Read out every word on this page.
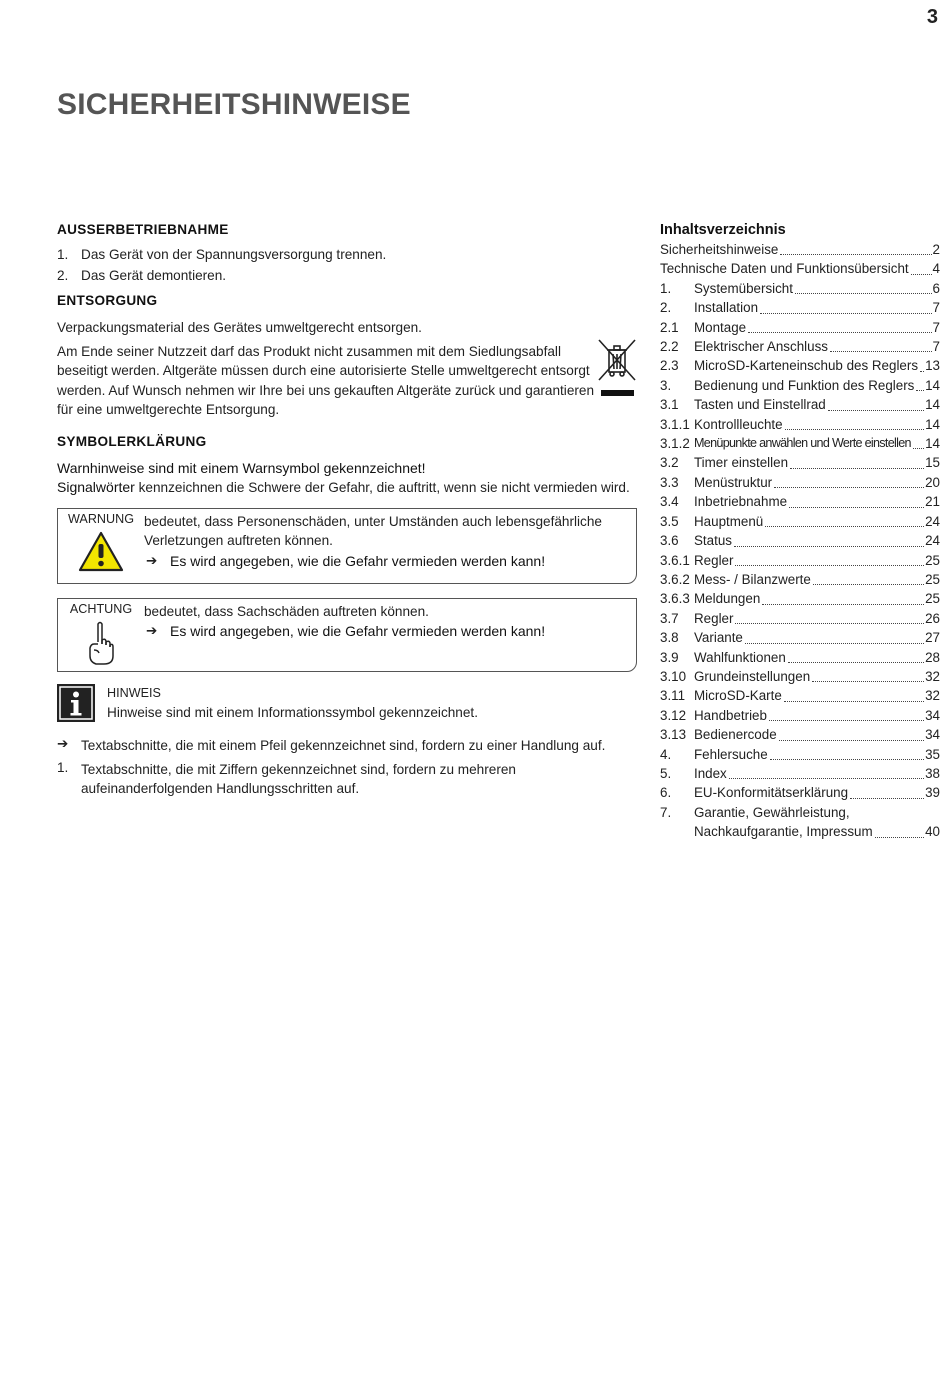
3
SICHERHEITSHINWEISE
AUSSERBETRIEBNAHME
1. Das Gerät von der Spannungsversorgung trennen.
2. Das Gerät demontieren.
ENTSORGUNG

Verpackungsmaterial des Gerätes umweltgerecht entsorgen.

Am Ende seiner Nutzzeit darf das Produkt nicht zusammen mit dem Siedlungsabfall beseitigt werden. Altgeräte müssen durch eine autorisierte Stelle umweltgerecht entsorgt werden. Auf Wunsch nehmen wir Ihre bei uns gekauften Altgeräte zurück und garantieren für eine umweltgerechte Entsorgung.

SYMBOLERKLÄRUNG

Warnhinweise sind mit einem Warnsymbol gekennzeichnet!

Signalwörter kennzeichnen die Schwere der Gefahr, die auftritt, wenn sie nicht vermieden wird.

WARNUNG bedeutet, dass Personenschäden, unter Umständen auch lebensgefährliche Verletzungen auftreten können.

➔ Es wird angegeben, wie die Gefahr vermieden werden kann!
ACHTUNG bedeutet, dass Sachschäden auftreten können.

➔ Es wird angegeben, wie die Gefahr vermieden werden kann!
HINWEIS

Hinweise sind mit einem Informationssymbol gekennzeichnet.

➔ Textabschnitte, die mit einem Pfeil gekennzeichnet sind, fordern zu einer Handlung auf.

1. Textabschnitte, die mit Ziffern gekennzeichnet sind, fordern zu mehreren aufeinanderfolgenden Handlungsschritten auf.

Inhaltsverzeichnis
Sicherheitshinweise	2
Technische Daten und Funktionsübersicht 4
1.	Systemübersicht	6
2.	Installation	7
2.1	Montage	7
2.2	Elektrischer Anschluss	7
2.3	MicroSD-Karteneinschub des Reglers 13
3.	Bedienung und Funktion des Reglers 14
3.1	Tasten und Einstellrad	14
3.1.1 Kontrollleuchte	14
3.1.2 Menüpunkte anwählen und Werte einstellen 14
3.2	Timer einstellen	15
3.3	Menüstruktur	20
3.4	Inbetriebnahme	21
3.5	Hauptmenü	24
3.6	Status	24
3.6.1 Regler	25
3.6.2 Mess- / Bilanzwerte	25
3.6.3 Meldungen	25
3.7	Regler	26
3.8	Variante	27
3.9	Wahlfunktionen	28
3.10 Grundeinstellungen	32
3.11 MicroSD-Karte	32
3.12 Handbetrieb	34
3.13 Bedienercode	34
4.	Fehlersuche	35
5.	Index	38
6.	EU-Konformitätserklärung	39
7.	Garantie, Gewährleistung,
Nachkaufgarantie, Impressum	40
